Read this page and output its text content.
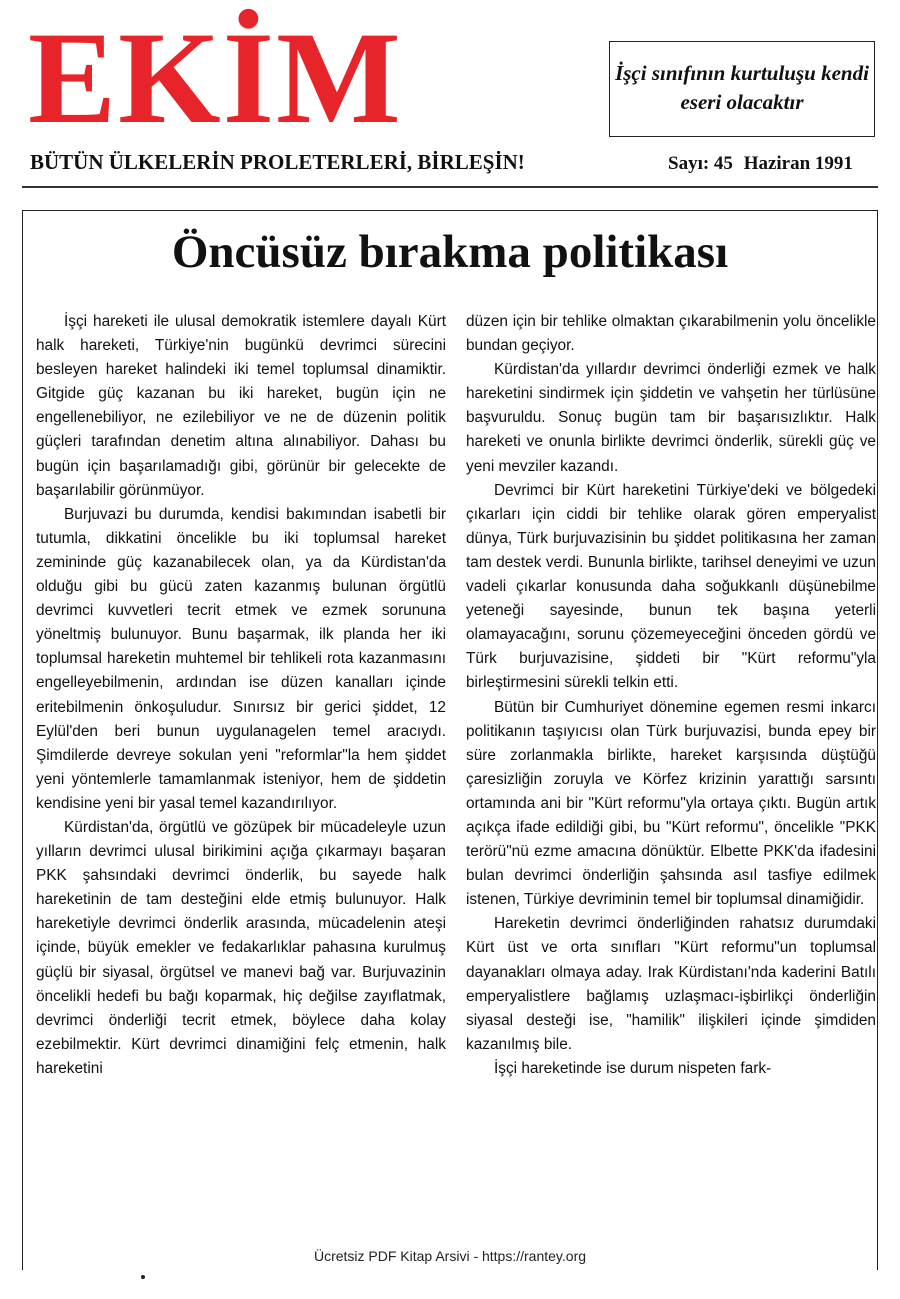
EKİM	İşçi sınıfının kurtuluşu kendi eseri olacaktır
BÜTÜN ÜLKELERİN PROLETERLERİ, BİRLEŞİN!	Sayı: 45 Haziran 1991
Öncüsüz bırakma politikası

İşçi hareketi ile ulusal demokratik istemlere dayalı Kürt halk hareketi, Türkiye'nin bugünkü devrimci sürecini besleyen hareket halindeki iki temel toplumsal dinamiktir. Gitgide güç kazanan bu iki hareket, bugün için ne engellenebiliyor, ne ezilebiliyor ve ne de düzenin politik güçleri tarafından denetim altına alınabiliyor. Dahası bu bugün için başarılamadığı gibi, görünür bir gelecekte de başarılabilir görünmüyor.

Burjuvazi bu durumda, kendisi bakımından isabetli bir tutumla, dikkatini öncelikle bu iki toplumsal hareket zemininde güç kazanabilecek olan, ya da Kürdistan'da olduğu gibi bu gücü zaten kazanmış bulunan örgütlü devrimci kuvvetleri tecrit etmek ve ezmek sorununa yöneltmiş bulunuyor. Bunu başarmak, ilk planda her iki toplumsal hareketin muhtemel bir tehlikeli rota kazanmasını engelleyebilmenin, ardından ise düzen kanalları içinde eritebilmenin önkoşuludur. Sınırsız bir gerici şiddet, 12 Eylül'den beri bunun uygulanagelen temel aracıydı. Şimdilerde devreye sokulan yeni "reformlar"la hem şiddet yeni yöntemlerle tamamlanmak isteniyor, hem de şiddetin kendisine yeni bir yasal temel kazandırılıyor.

Kürdistan'da, örgütlü ve gözüpek bir mücadeleyle uzun yılların devrimci ulusal birikimini açığa çıkarmayı başaran PKK şahsındaki devrimci önderlik, bu sayede halk hareketinin de tam desteğini elde etmiş bulunuyor. Halk hareketiyle devrimci önderlik arasında, mücadelenin ateşi içinde, büyük emekler ve fedakarlıklar pahasına kurulmuş güçlü bir siyasal, örgütsel ve manevi bağ var. Burjuvazinin öncelikli hedefi bu bağı koparmak, hiç değilse zayıflatmak, devrimci önderliği tecrit etmek, böylece daha kolay ezebilmektir. Kürt devrimci dinamiğini felç etmenin, halk hareketini

düzen için bir tehlike olmaktan çıkarabilmenin yolu öncelikle bundan geçiyor.

Kürdistan'da yıllardır devrimci önderliği ezmek ve halk hareketini sindirmek için şiddetin ve vahşetin her türlüsüne başvuruldu. Sonuç bugün tam bir başarısızlıktır. Halk hareketi ve onunla birlikte devrimci önderlik, sürekli güç ve yeni mevziler kazandı.

Devrimci bir Kürt hareketini Türkiye'deki ve bölgedeki çıkarları için ciddi bir tehlike olarak gören emperyalist dünya, Türk burjuvazisinin bu şiddet politikasına her zaman tam destek verdi. Bununla birlikte, tarihsel deneyimi ve uzun vadeli çıkarlar konusunda daha soğukkanlı düşünebilme yeteneği sayesinde, bunun tek başına yeterli olamayacağını, sorunu çözemeyeceğini önceden gördü ve Türk burjuvazisine, şiddeti bir "Kürt reformu"yla birleştirmesini sürekli telkin etti.

Bütün bir Cumhuriyet dönemine egemen resmi inkarcı politikanın taşıyıcısı olan Türk burjuvazisi, bunda epey bir süre zorlanmakla birlikte, hareket karşısında düştüğü çaresizliğin zoruyla ve Körfez krizinin yarattığı sarsıntı ortamında ani bir "Kürt reformu"yla ortaya çıktı. Bugün artık açıkça ifade edildiği gibi, bu "Kürt reformu", öncelikle "PKK terörü"nü ezme amacına dönüktür. Elbette PKK'da ifadesini bulan devrimci önderliğin şahsında asıl tasfiye edilmek istenen, Türkiye devriminin temel bir toplumsal dinamiğidir.

Hareketin devrimci önderliğinden rahatsız durumdaki Kürt üst ve orta sınıfları "Kürt reformu"un toplumsal dayanakları olmaya aday. Irak Kürdistanı'nda kaderini Batılı emperyalistlere bağlamış uzlaşmacı-işbirlikçi önderliğin siyasal desteği ise, "hamilik" ilişkileri içinde şimdiden kazanılmış bile.

İşçi hareketinde ise durum nispeten fark-

Ücretsiz PDF Kitap Arsivi - https://rantey.org
